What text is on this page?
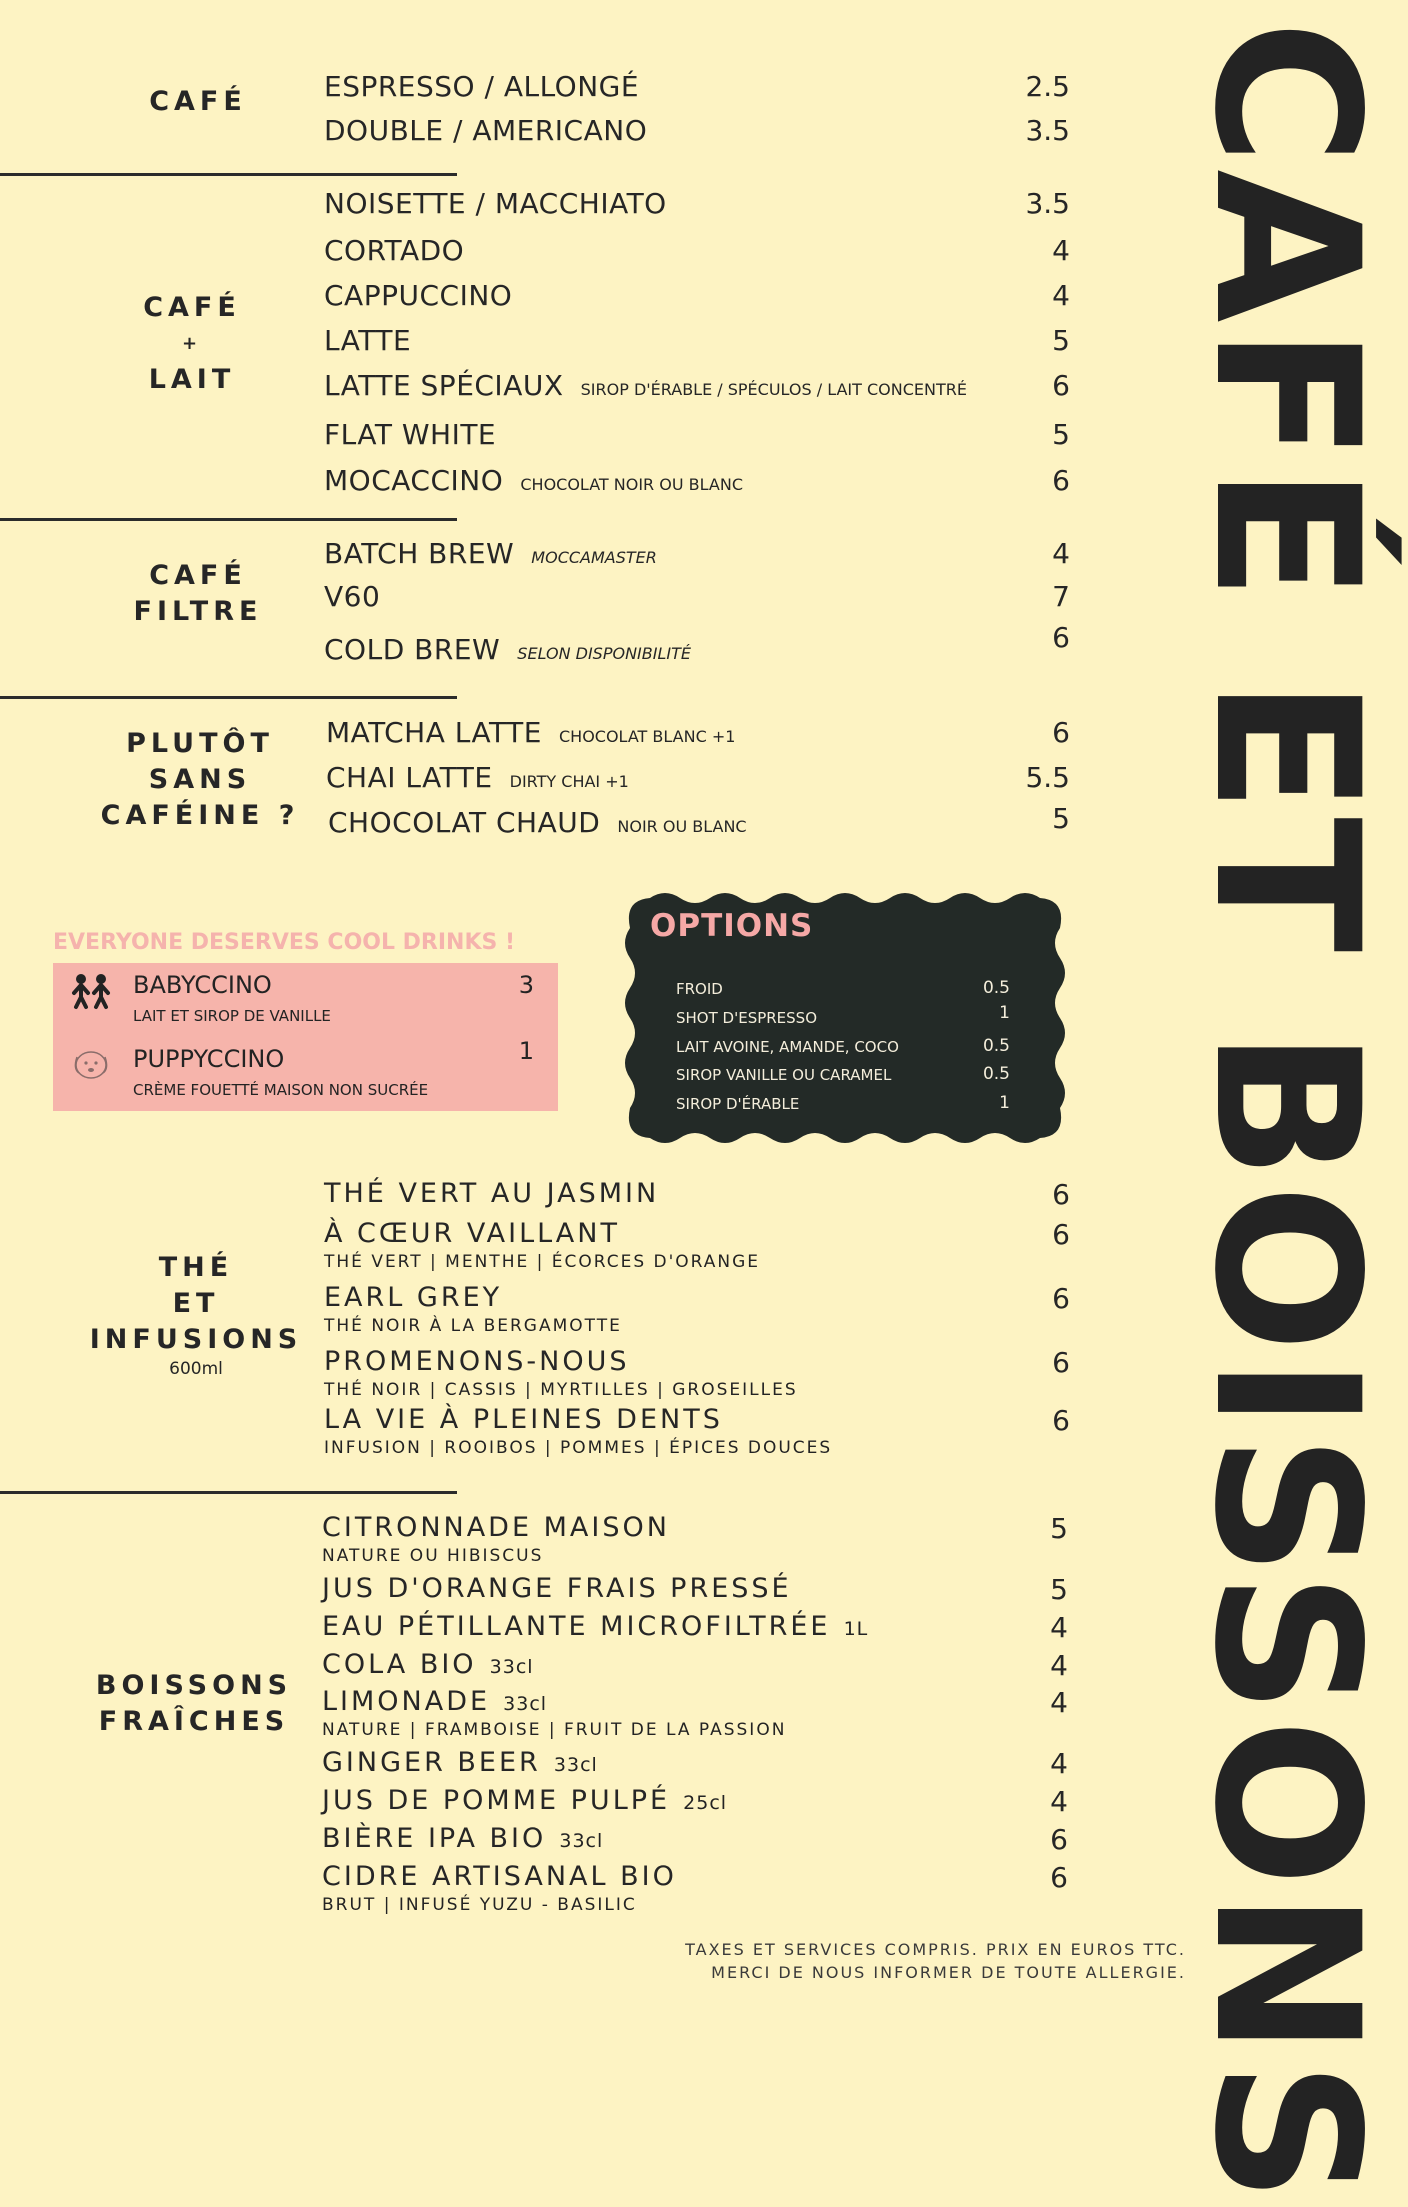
CAFÉ ET BOISSONS
CAFÉ	ESPRESSO / ALLONGÉ	2.5
DOUBLE / AMERICANO	3.5
CAFÉ
+
LAIT
NOISETTE / MACCHIATO	3.5
CORTADO	4
CAPPUCCINO	4
LATTE	5
LATTE SPÉCIAUX SIROP D'ÉRABLE / SPÉCULOS / LAIT CONCENTRÉ	6
FLAT WHITE	5
MOCACCINO CHOCOLAT NOIR OU BLANC	6
CAFÉ
FILTRE
BATCH BREW MOCCAMASTER	4
V60	7
COLD BREW SELON DISPONIBILITÉ	6
PLUTÔT
SANS
CAFÉINE ?
MATCHA LATTE CHOCOLAT BLANC +1	6
CHAI LATTE DIRTY CHAI +1	5.5
CHOCOLAT CHAUD NOIR OU BLANC	5
EVERYONE DESERVES COOL DRINKS !
BABYCCINO
LAIT ET SIROP DE VANILLE
3
PUPPYCCINO
CRÈME FOUETTÉ MAISON NON SUCRÉE
1
OPTIONS
FROID	0.5
SHOT D'ESPRESSO	1
LAIT AVOINE, AMANDE, COCO	0.5
SIROP VANILLE OU CARAMEL	0.5
SIROP D'ÉRABLE	1
THÉ
ET
INFUSIONS
600ml
THÉ VERT AU JASMIN	6
À CŒUR VAILLANT
THÉ VERT | MENTHE | ÉCORCES D'ORANGE
6
EARL GREY
THÉ NOIR À LA BERGAMOTTE
6
PROMENONS-NOUS
THÉ NOIR | CASSIS | MYRTILLES | GROSEILLES
6
LA VIE À PLEINES DENTS
INFUSION | ROOIBOS | POMMES | ÉPICES DOUCES
6
BOISSONS
FRAÎCHES
CITRONNADE MAISON
NATURE OU HIBISCUS
5
JUS D'ORANGE FRAIS PRESSÉ	5
EAU PÉTILLANTE MICROFILTRÉE 1L	4
COLA BIO 33cl	4
LIMONADE 33cl
NATURE | FRAMBOISE | FRUIT DE LA PASSION
4
GINGER BEER 33cl	4
JUS DE POMME PULPÉ 25cl	4
BIÈRE IPA BIO 33cl	6
CIDRE ARTISANAL BIO
BRUT | INFUSÉ YUZU - BASILIC
6
TAXES ET SERVICES COMPRIS. PRIX EN EUROS TTC.
MERCI DE NOUS INFORMER DE TOUTE ALLERGIE.
